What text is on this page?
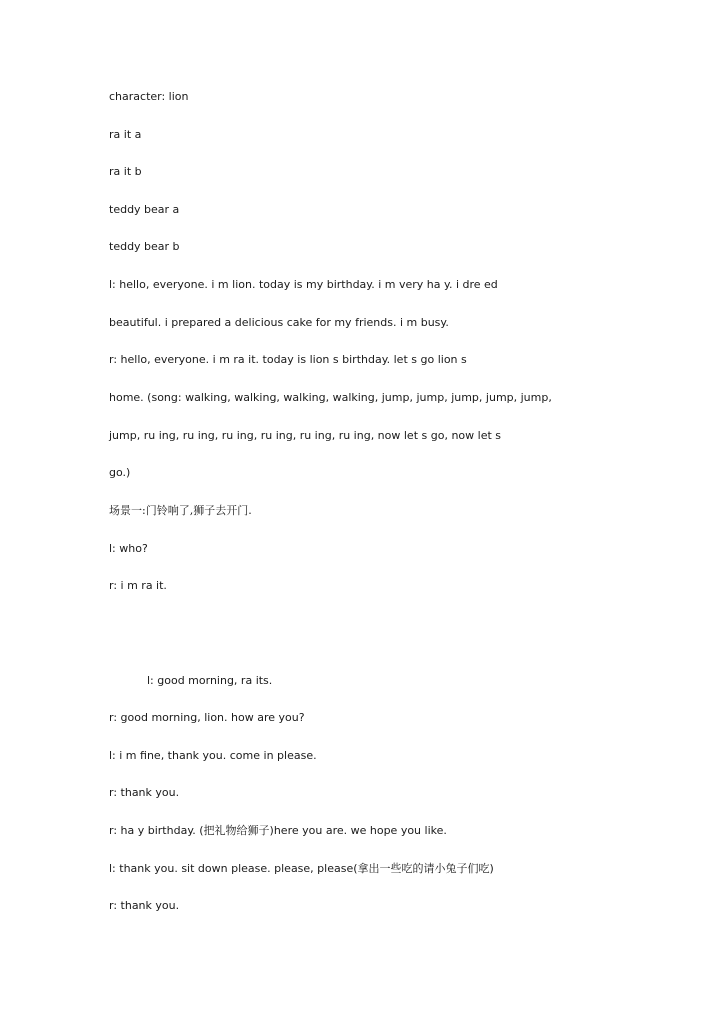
character: lion
ra it a
ra it b
teddy bear a
teddy bear b
l: hello, everyone. i m lion. today is my birthday. i m very ha y. i dre ed
beautiful. i prepared a delicious cake for my friends. i m busy.
r: hello, everyone. i m ra it. today is lion s birthday. let s go lion s
home. (song: walking, walking, walking, walking, jump, jump, jump, jump, jump,
jump, ru ing, ru ing, ru ing, ru ing, ru ing, ru ing, now let s go, now let s
go.)
场景一:门铃响了,狮子去开门.
l: who?
r: i m ra it.
l: good morning, ra its.
r: good morning, lion. how are you?
l: i m fine, thank you. come in please.
r: thank you.
r: ha y birthday. (把礼物给狮子)here you are. we hope you like.
l: thank you. sit down please. please, please(拿出一些吃的请小兔子们吃)
r: thank you.
